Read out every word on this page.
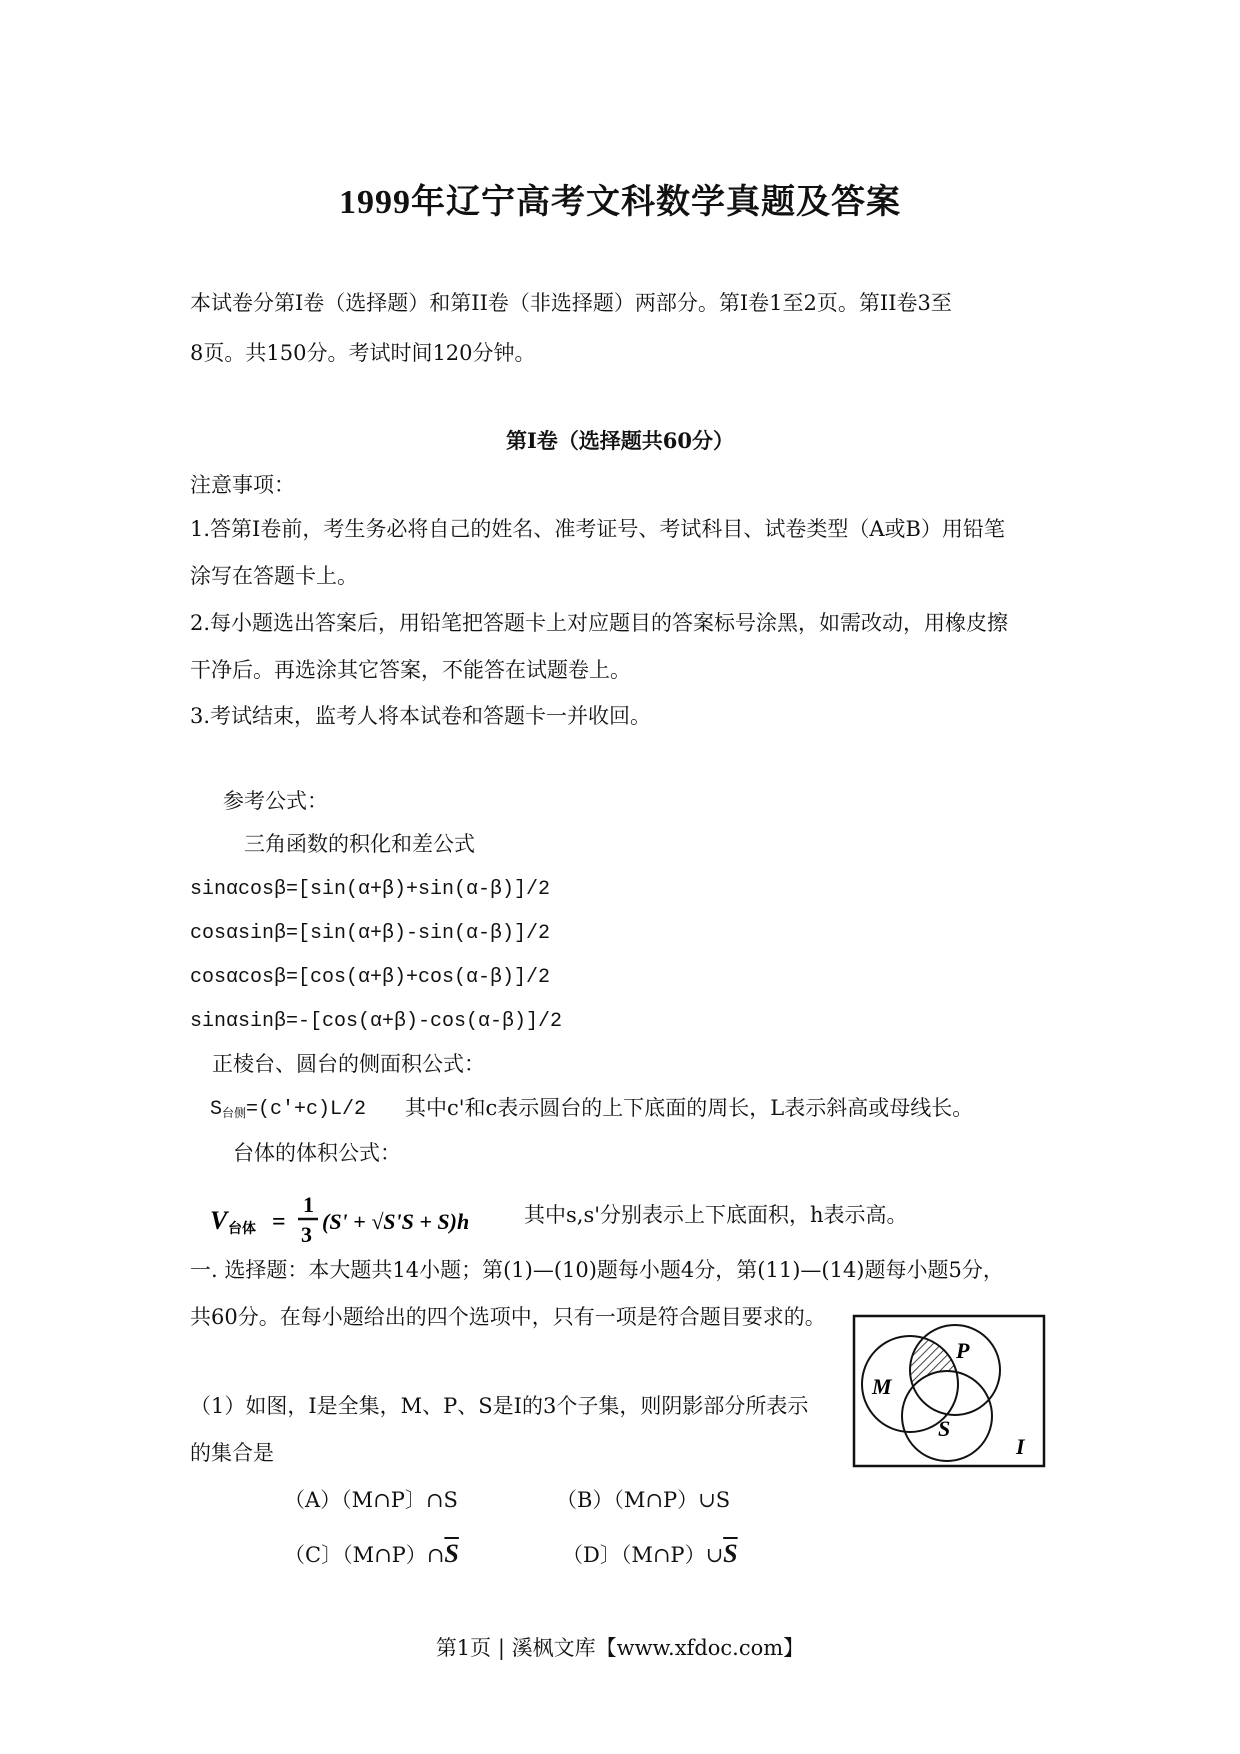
1999年辽宁高考文科数学真题及答案
本试卷分第Ⅰ卷（选择题）和第II卷（非选择题）两部分。第Ⅰ卷1至2页。第II卷3至
8页。共150分。考试时间120分钟。
第Ⅰ卷（选择题共60分）
注意事项：
1.答第Ⅰ卷前，考生务必将自己的姓名、准考证号、考试科目、试卷类型（A或B）用铅笔
涂写在答题卡上。
2.每小题选出答案后，用铅笔把答题卡上对应题目的答案标号涂黑，如需改动，用橡皮擦
干净后。再选涂其它答案，不能答在试题卷上。
3.考试结束，监考人将本试卷和答题卡一并收回。
参考公式：
三角函数的积化和差公式
sinαcosβ=[sin(α+β)+sin(α-β)]/2
cosαsinβ=[sin(α+β)-sin(α-β)]/2
cosαcosβ=[cos(α+β)+cos(α-β)]/2
sinαsinβ=-[cos(α+β)-cos(α-β)]/2
正棱台、圆台的侧面积公式：
$S_{台侧}=(c'+c)L/2$ 其中c'和c表示圆台的上下底面的周长，L表示斜高或母线长。
台体的体积公式：
V 台体 =
1
3
(S' + √S'S + S)h	其中s,s'分别表示上下底面积，h表示高。
一. 选择题：本大题共14小题；第(1)—(10)题每小题4分，第(11)—(14)题每小题5分，
共60分。在每小题给出的四个选项中，只有一项是符合题目要求的。
M
P
S
I
（1）如图，I是全集，M、P、S是I的3个子集，则阴影部分所表示
的集合是
（A）（M∩P〕∩S	（B）（M∩P）∪S
（C〕$(M\cap P)\cap\overline{S}$	（D〕$(M\cap P)\cup\overline{S}$
第1页 | 溪枫文库【www.xfdoc.com】
